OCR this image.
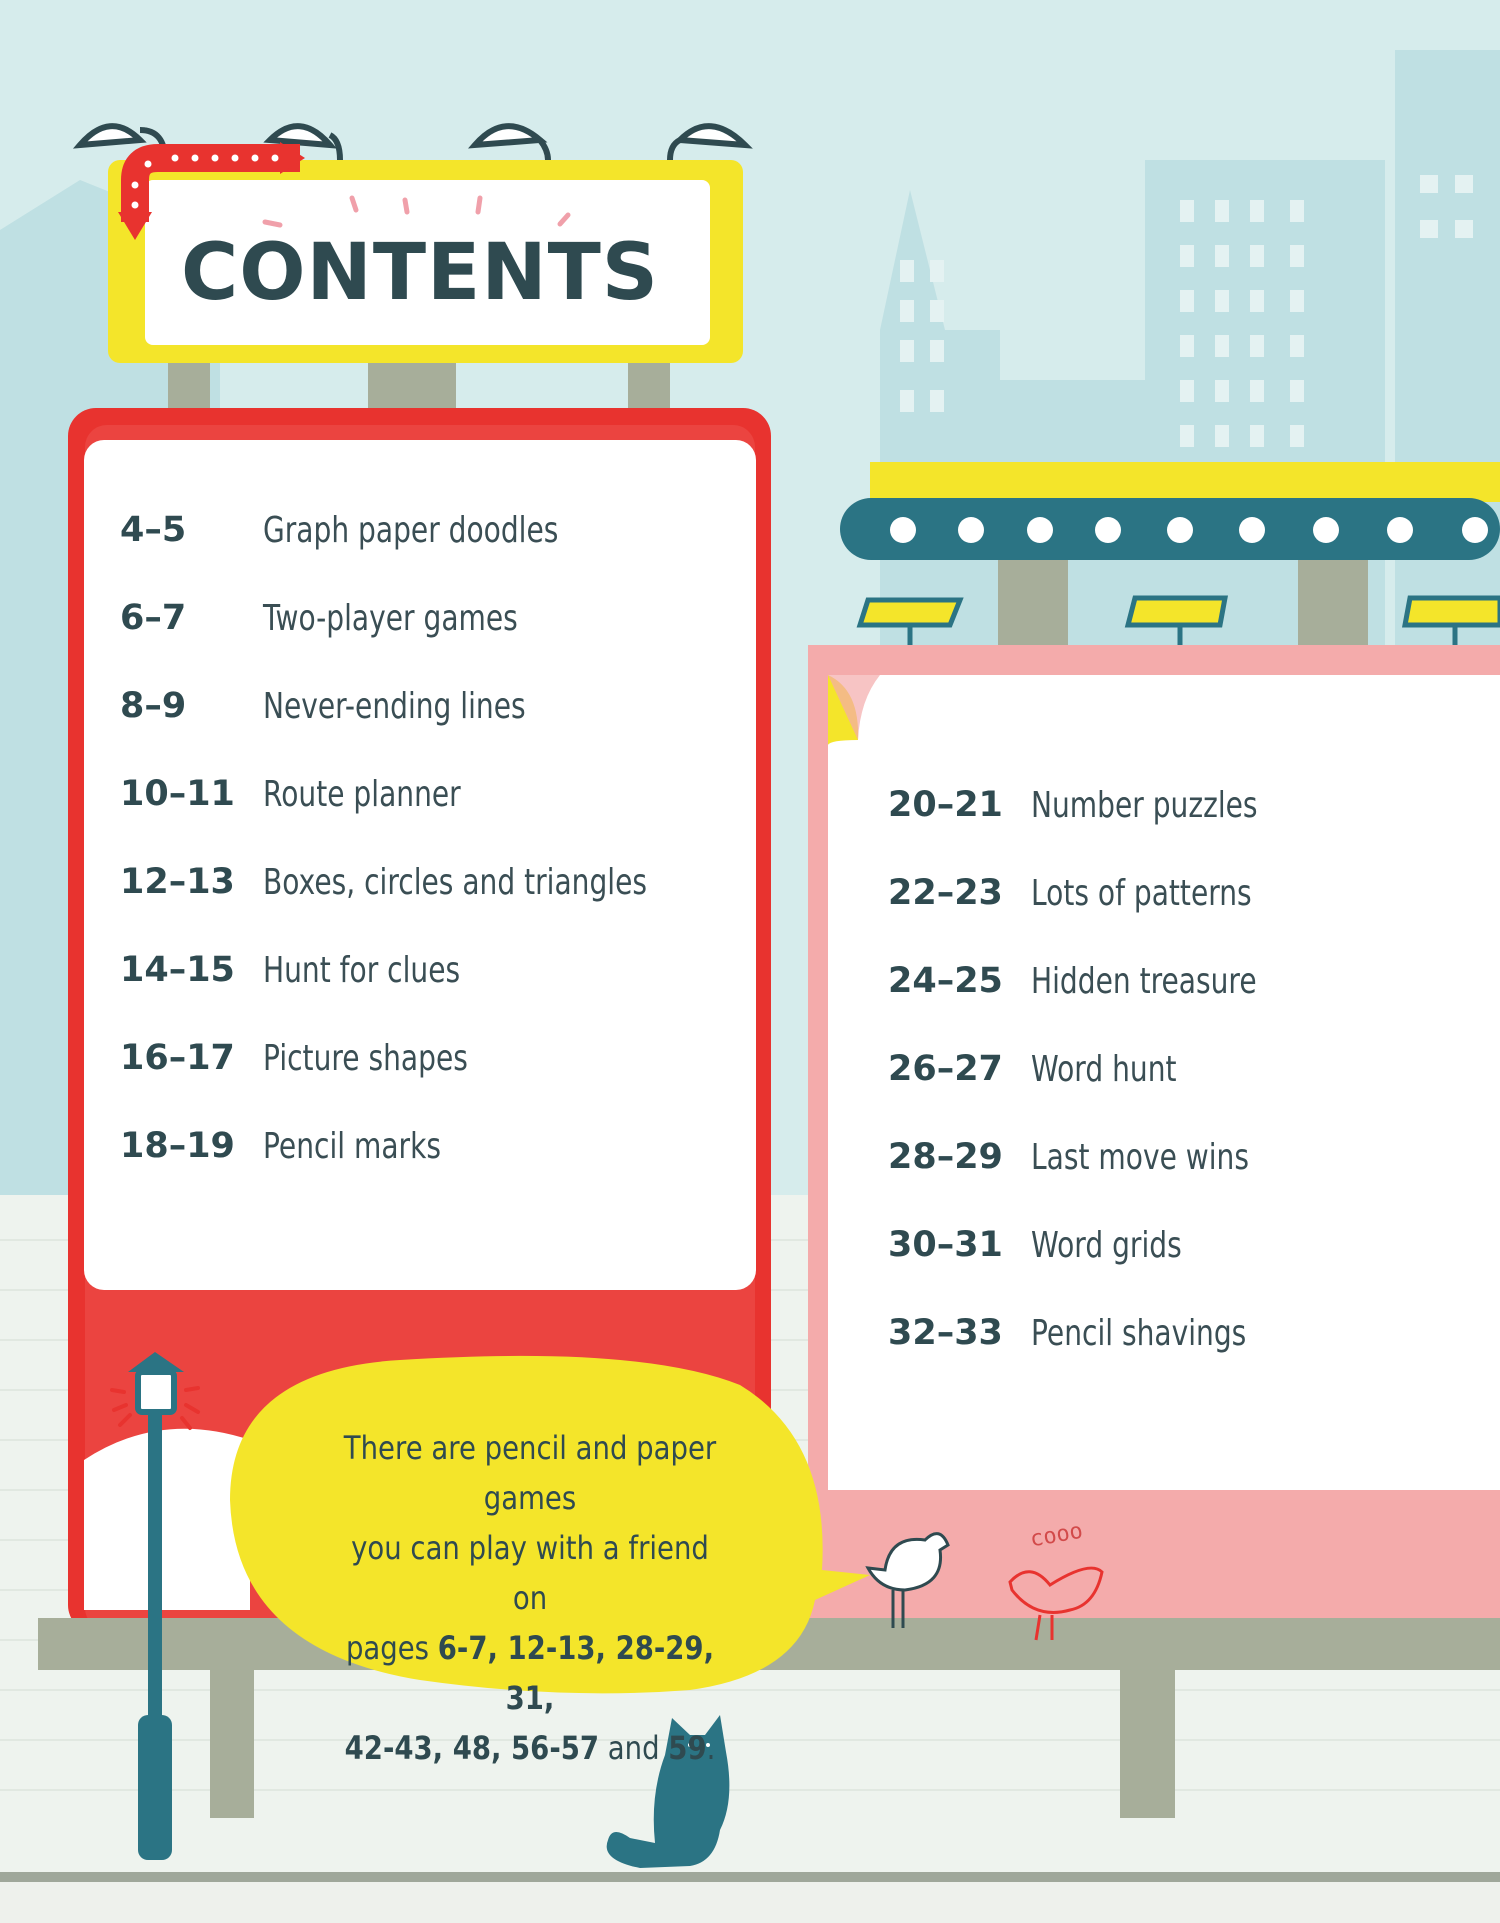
CONTENTS
4–5 Graph paper doodles
6–7 Two-player games
8–9 Never-ending lines
10–11 Route planner
12–13 Boxes, circles and triangles
14–15 Hunt for clues
16–17 Picture shapes
18–19 Pencil marks
20–21 Number puzzles
22–23 Lots of patterns
24–25 Hidden treasure
26–27 Word hunt
28–29 Last move wins
30–31 Word grids
32–33 Pencil shavings
There are pencil and paper games
you can play with a friend on
pages 6-7, 12-13, 28-29, 31,
42-43, 48, 56-57 and 59.
cooo
